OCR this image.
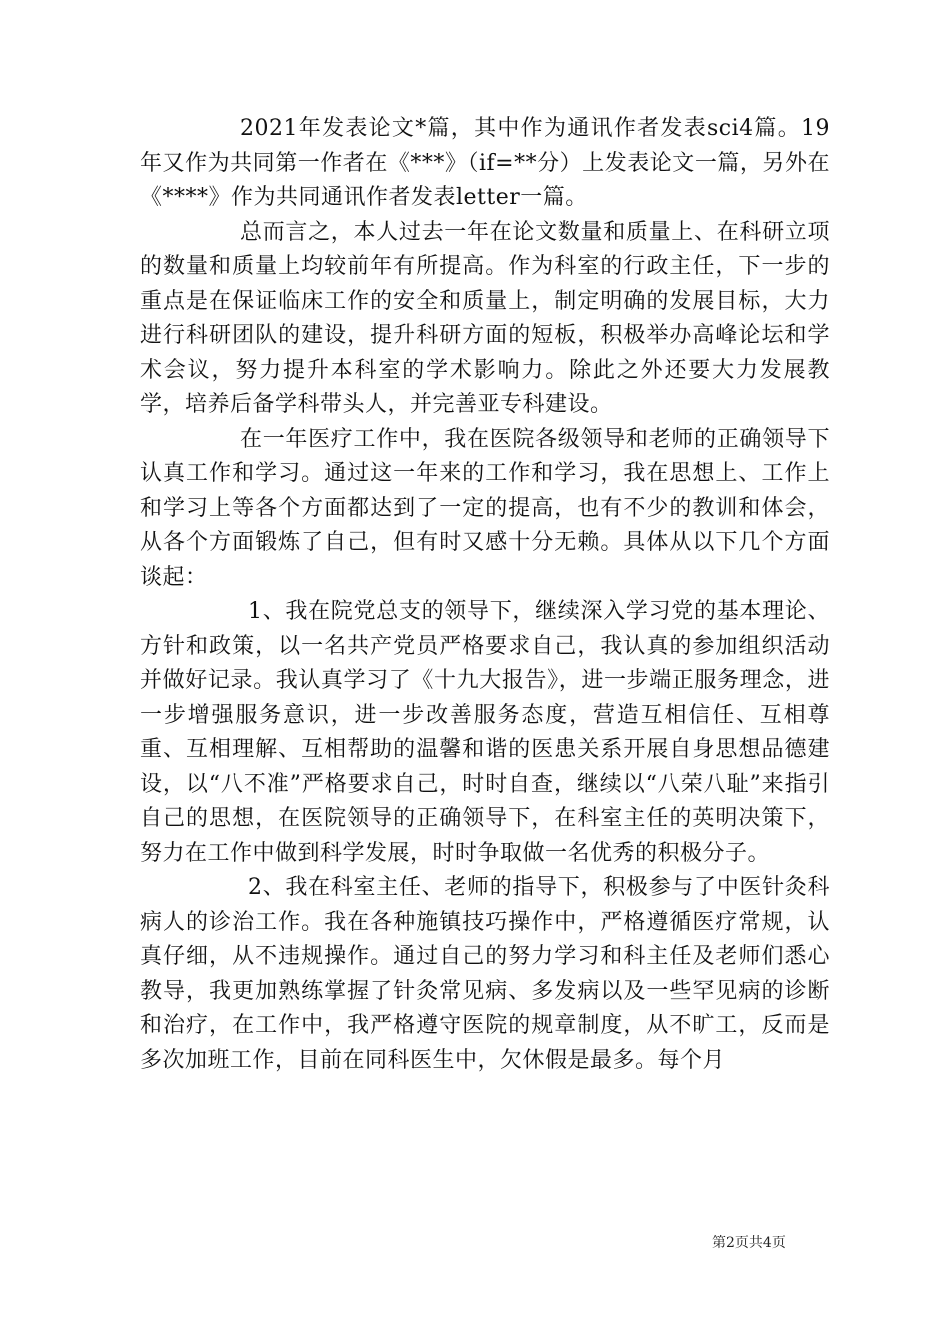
2021年发表论文*篇，其中作为通讯作者发表sci4篇。19年又作为共同第一作者在《***》（if=**分）上发表论文一篇，另外在《****》作为共同通讯作者发表letter一篇。

总而言之，本人过去一年在论文数量和质量上、在科研立项的数量和质量上均较前年有所提高。作为科室的行政主任，下一步的重点是在保证临床工作的安全和质量上，制定明确的发展目标，大力进行科研团队的建设，提升科研方面的短板，积极举办高峰论坛和学术会议，努力提升本科室的学术影响力。除此之外还要大力发展教学，培养后备学科带头人，并完善亚专科建设。

在一年医疗工作中，我在医院各级领导和老师的正确领导下认真工作和学习。通过这一年来的工作和学习，我在思想上、工作上和学习上等各个方面都达到了一定的提高，也有不少的教训和体会，从各个方面锻炼了自己，但有时又感十分无赖。具体从以下几个方面谈起：

1、我在院党总支的领导下，继续深入学习党的基本理论、方针和政策，以一名共产党员严格要求自己，我认真的参加组织活动并做好记录。我认真学习了《十九大报告》，进一步端正服务理念，进一步增强服务意识，进一步改善服务态度，营造互相信任、互相尊重、互相理解、互相帮助的温馨和谐的医患关系开展自身思想品德建设，以“八不准”严格要求自己，时时自查，继续以“八荣八耻”来指引自己的思想，在医院领导的正确领导下，在科室主任的英明决策下，努力在工作中做到科学发展，时时争取做一名优秀的积极分子。

2、我在科室主任、老师的指导下，积极参与了中医针灸科病人的诊治工作。我在各种施镇技巧操作中，严格遵循医疗常规，认真仔细，从不违规操作。通过自己的努力学习和科主任及老师们悉心教导，我更加熟练掌握了针灸常见病、多发病以及一些罕见病的诊断和治疗，在工作中，我严格遵守医院的规章制度，从不旷工，反而是多次加班工作，目前在同科医生中，欠休假是最多。每个月

第2页共4页
